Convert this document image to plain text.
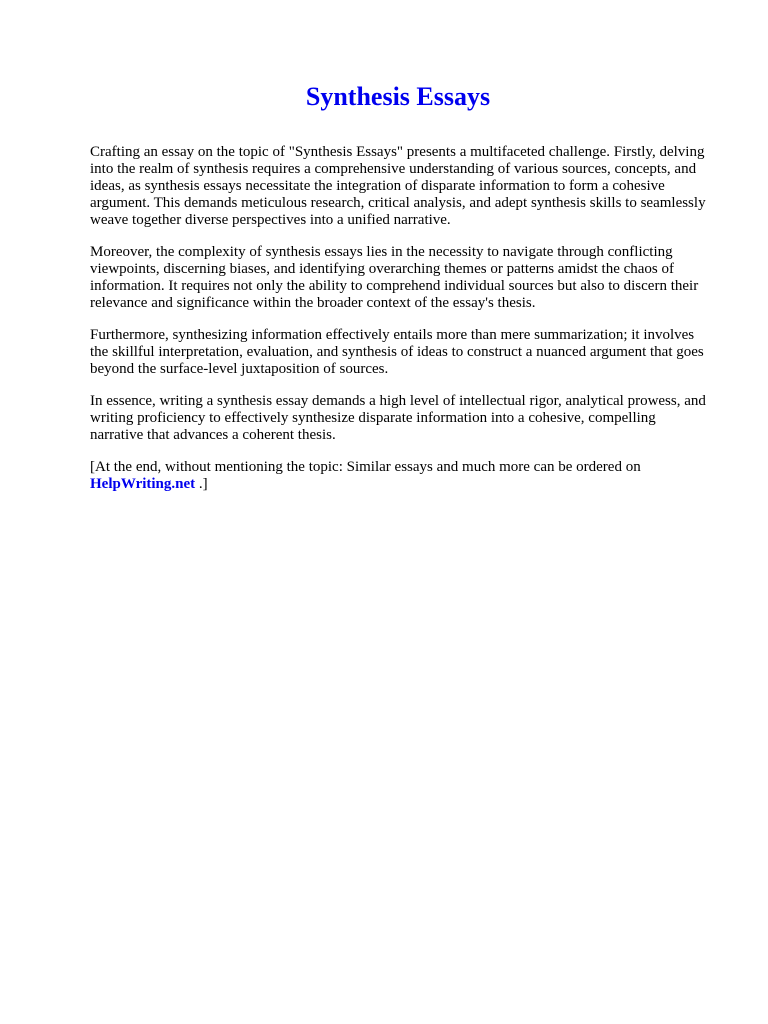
Synthesis Essays

Crafting an essay on the topic of "Synthesis Essays" presents a multifaceted challenge. Firstly, delving into the realm of synthesis requires a comprehensive understanding of various sources, concepts, and ideas, as synthesis essays necessitate the integration of disparate information to form a cohesive argument. This demands meticulous research, critical analysis, and adept synthesis skills to seamlessly weave together diverse perspectives into a unified narrative.

Moreover, the complexity of synthesis essays lies in the necessity to navigate through conflicting viewpoints, discerning biases, and identifying overarching themes or patterns amidst the chaos of information. It requires not only the ability to comprehend individual sources but also to discern their relevance and significance within the broader context of the essay's thesis.

Furthermore, synthesizing information effectively entails more than mere summarization; it involves the skillful interpretation, evaluation, and synthesis of ideas to construct a nuanced argument that goes beyond the surface-level juxtaposition of sources.

In essence, writing a synthesis essay demands a high level of intellectual rigor, analytical prowess, and writing proficiency to effectively synthesize disparate information into a cohesive, compelling narrative that advances a coherent thesis.

[At the end, without mentioning the topic: Similar essays and much more can be ordered on
HelpWriting.net .]
